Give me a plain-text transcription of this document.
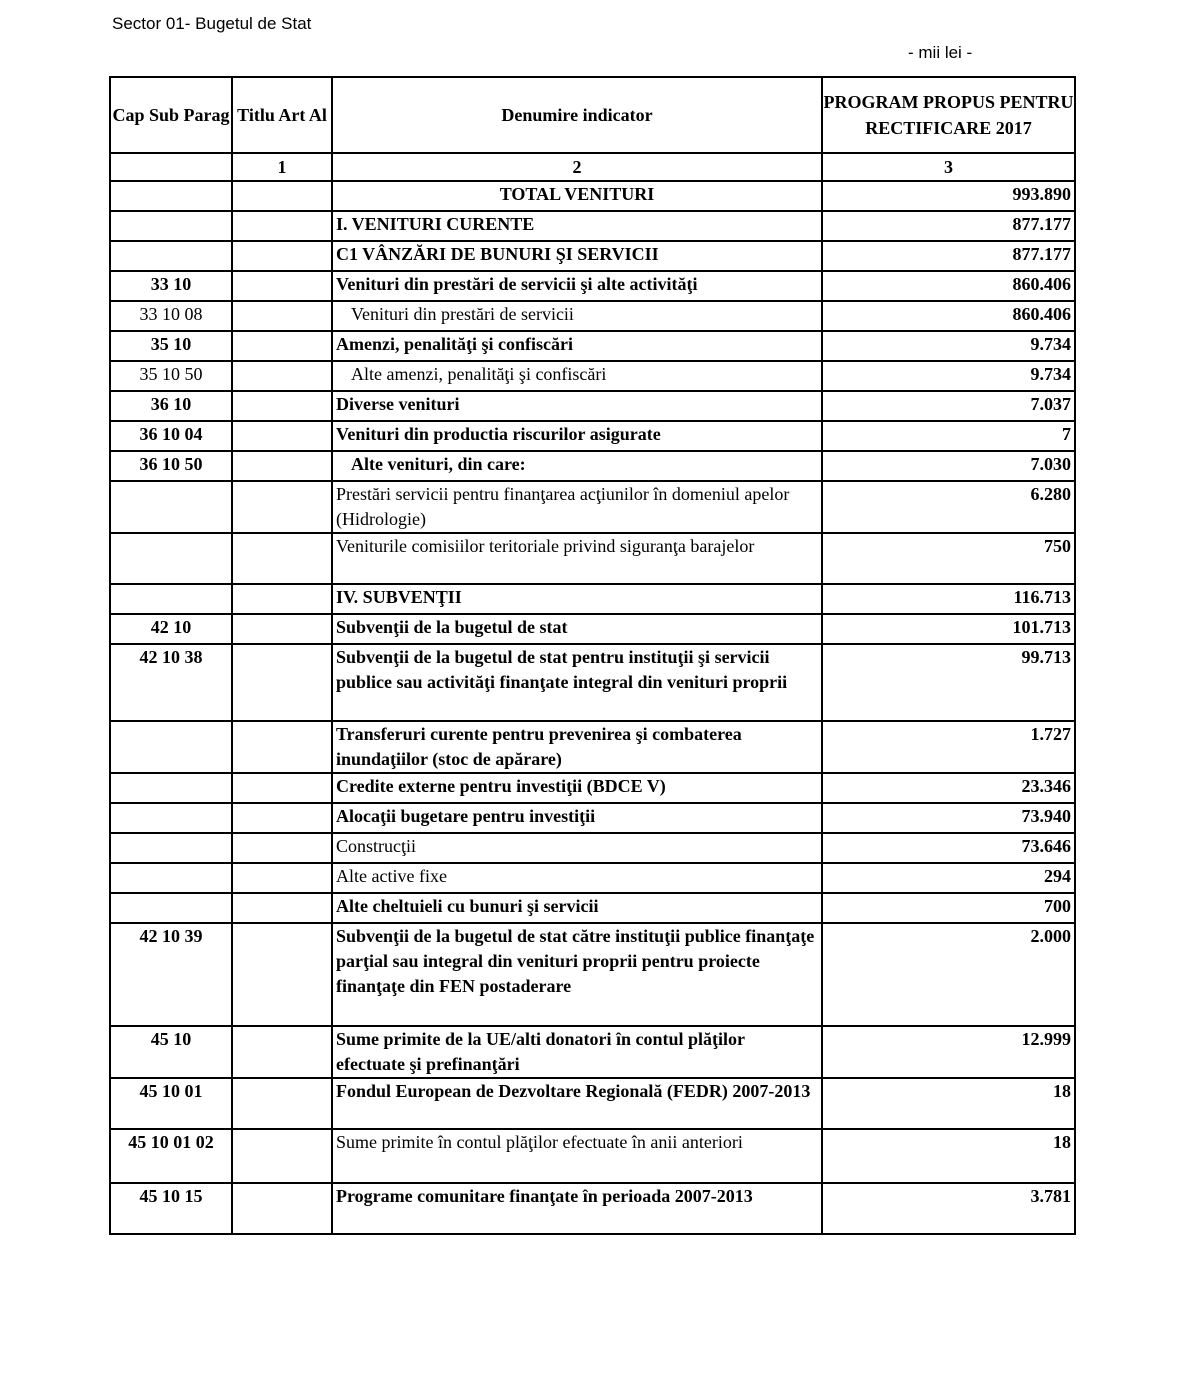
Sector 01- Bugetul de Stat
- mii lei -
Cap Sub Parag	Titlu Art Al	Denumire indicator	PROGRAM PROPUS PENTRU RECTIFICARE 2017
	1	2	3
		TOTAL VENITURI	993.890
		I. VENITURI CURENTE	877.177
		C1 VÂNZĂRI DE BUNURI ŞI SERVICII	877.177
33 10		Venituri din prestări de servicii şi alte activităţi	860.406
33 10 08		Venituri din prestări de servicii	860.406
35 10		Amenzi, penalităţi şi confiscări	9.734
35 10 50		Alte amenzi, penalităţi şi confiscări	9.734
36 10		Diverse venituri	7.037
36 10 04		Venituri din productia riscurilor asigurate	7
36 10 50		Alte venituri, din care:	7.030
		Prestări servicii pentru finanţarea acţiunilor în domeniul apelor (Hidrologie)	6.280
		Veniturile comisiilor teritoriale privind siguranţa barajelor	750
		IV. SUBVENŢII	116.713
42 10		Subvenţii de la bugetul de stat	101.713
42 10 38		Subvenţii de la bugetul de stat pentru instituţii şi servicii publice sau activităţi finanţate integral din venituri proprii	99.713
		Transferuri curente pentru prevenirea şi combaterea inundaţiilor (stoc de apărare)	1.727
		Credite externe pentru investiţii (BDCE V)	23.346
		Alocaţii bugetare pentru investiţii	73.940
		Construcţii	73.646
		Alte active fixe	294
		Alte cheltuieli cu bunuri şi servicii	700
42 10 39		Subvenţii de la bugetul de stat către instituţii publice finanţaţe parţial sau integral din venituri proprii pentru proiecte finanţaţe din FEN postaderare	2.000
45 10		Sume primite de la UE/alti donatori în contul plăţilor efectuate şi prefinanţări	12.999
45 10 01		Fondul European de Dezvoltare Regională (FEDR) 2007-2013	18
45 10 01 02		Sume primite în contul plăţilor efectuate în anii anteriori	18
45 10 15		Programe comunitare finanţate în perioada 2007-2013	3.781
